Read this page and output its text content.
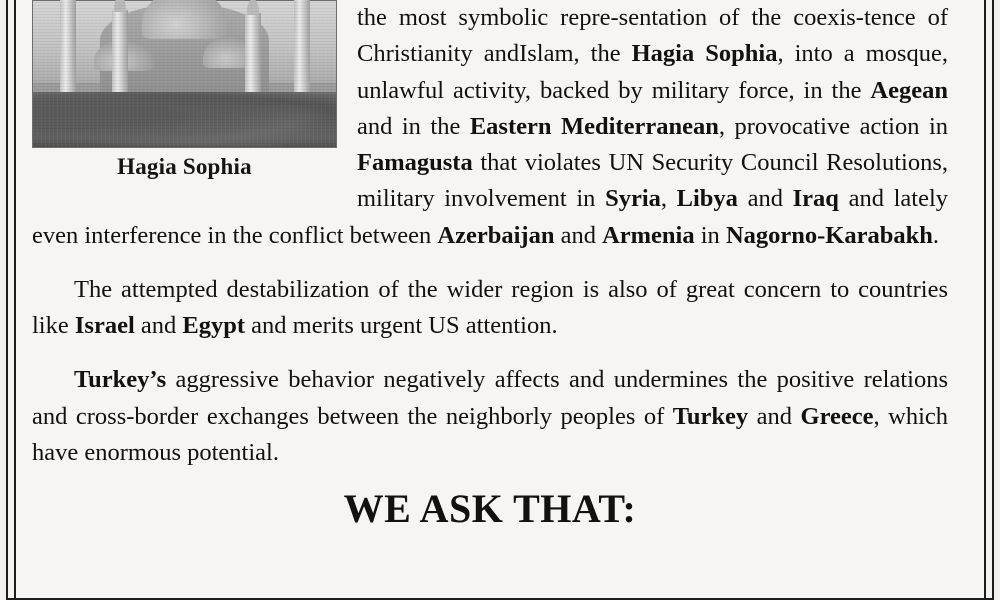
Hagia Sophia

the most symbolic repre-sentation of the coexis-tence of Christianity andIslam, the Hagia Sophia, into a mosque, unlawful activity, backed by military force, in the Aegean and in the Eastern Mediterranean, provocative action in Famagusta that violates UN Security Council Resolutions, military involvement in Syria, Libya and Iraq and lately even interference in the conflict between Azerbaijan and Armenia in Nagorno-Karabakh.

The attempted destabilization of the wider region is also of great concern to countries like Israel and Egypt and merits urgent US attention.

Turkey’s aggressive behavior negatively affects and undermines the positive relations and cross-border exchanges between the neighborly peoples of Turkey and Greece, which have enormous potential.

WE ASK THAT:
